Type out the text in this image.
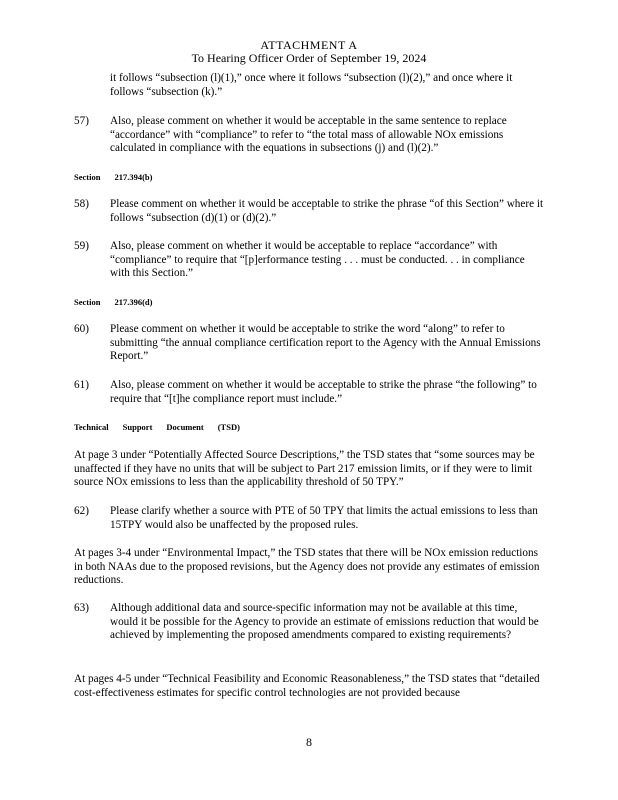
ATTACHMENT A
To Hearing Officer Order of September 19, 2024
it follows “subsection (l)(1),” once where it follows “subsection (l)(2),” and once where it follows “subsection (k).”
57)	Also, please comment on whether it would be acceptable in the same sentence to replace “accordance” with “compliance” to refer to “the total mass of allowable NOx emissions calculated in compliance with the equations in subsections (j) and (l)(2).”
Section 217.394(b)
58)	Please comment on whether it would be acceptable to strike the phrase “of this Section” where it follows “subsection (d)(1) or (d)(2).”
59)	Also, please comment on whether it would be acceptable to replace “accordance” with “compliance” to require that “[p]erformance testing . . . must be conducted. . . in compliance with this Section.”
Section 217.396(d)
60)	Please comment on whether it would be acceptable to strike the word “along” to refer to submitting “the annual compliance certification report to the Agency with the Annual Emissions Report.”
61)	Also, please comment on whether it would be acceptable to strike the phrase “the following” to require that “[t]he compliance report must include.”
Technical Support Document (TSD)
At page 3 under “Potentially Affected Source Descriptions,” the TSD states that “some sources may be unaffected if they have no units that will be subject to Part 217 emission limits, or if they were to limit source NOx emissions to less than the applicability threshold of 50 TPY.”
62)	Please clarify whether a source with PTE of 50 TPY that limits the actual emissions to less than 15TPY would also be unaffected by the proposed rules.
At pages 3-4 under “Environmental Impact,” the TSD states that there will be NOx emission reductions in both NAAs due to the proposed revisions, but the Agency does not provide any estimates of emission reductions.
63)	Although additional data and source-specific information may not be available at this time, would it be possible for the Agency to provide an estimate of emissions reduction that would be achieved by implementing the proposed amendments compared to existing requirements?
At pages 4-5 under “Technical Feasibility and Economic Reasonableness,” the TSD states that “detailed cost-effectiveness estimates for specific control technologies are not provided because
8
